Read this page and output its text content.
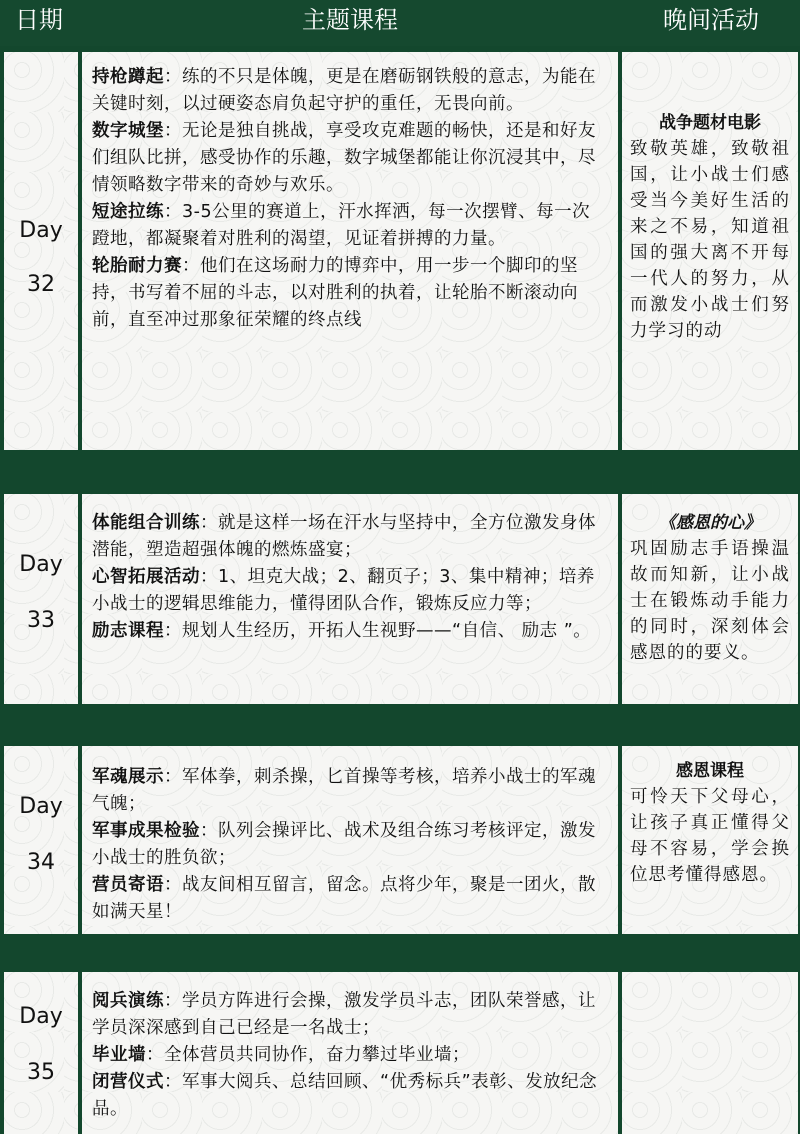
日期	主题课程	晚间活动
Day
32
持枪蹲起：练的不只是体魄，更是在磨砺钢铁般的意志，为能在关键时刻，以过硬姿态肩负起守护的重任，无畏向前。
数字城堡：无论是独自挑战，享受攻克难题的畅快，还是和好友们组队比拼，感受协作的乐趣，数字城堡都能让你沉浸其中，尽情领略数字带来的奇妙与欢乐。
短途拉练：3-5公里的赛道上，汗水挥洒，每一次摆臂、每一次蹬地，都凝聚着对胜利的渴望，见证着拼搏的力量。
轮胎耐力赛：他们在这场耐力的博弈中，用一步一个脚印的坚持，书写着不屈的斗志，以对胜利的执着，让轮胎不断滚动向前，直至冲过那象征荣耀的终点线
战争题材电影
致敬英雄，致敬祖国，让小战士们感受当今美好生活的来之不易，知道祖国的强大离不开每一代人的努力，从而激发小战士们努力学习的动
Day
33
体能组合训练：就是这样一场在汗水与坚持中，全方位激发身体潜能，塑造超强体魄的燃炼盛宴；
心智拓展活动：1、坦克大战；2、翻页子；3、集中精神；培养小战士的逻辑思维能力，懂得团队合作，锻炼反应力等；
励志课程：规划人生经历，开拓人生视野——“自信、 励志 ”。
《感恩的心》
巩固励志手语操温故而知新，让小战士在锻炼动手能力的同时，深刻体会感恩的的要义。
Day
34
军魂展示：军体拳，刺杀操，匕首操等考核，培养小战士的军魂气魄；
军事成果检验：队列会操评比、战术及组合练习考核评定，激发小战士的胜负欲；
营员寄语：战友间相互留言，留念。点将少年，聚是一团火，散如满天星！
感恩课程
可怜天下父母心，让孩子真正懂得父母不容易，学会换位思考懂得感恩。
Day
35
阅兵演练：学员方阵进行会操，激发学员斗志，团队荣誉感，让学员深深感到自己已经是一名战士；
毕业墙：全体营员共同协作，奋力攀过毕业墙；
闭营仪式：军事大阅兵、总结回顾、“优秀标兵”表彰、发放纪念品。
